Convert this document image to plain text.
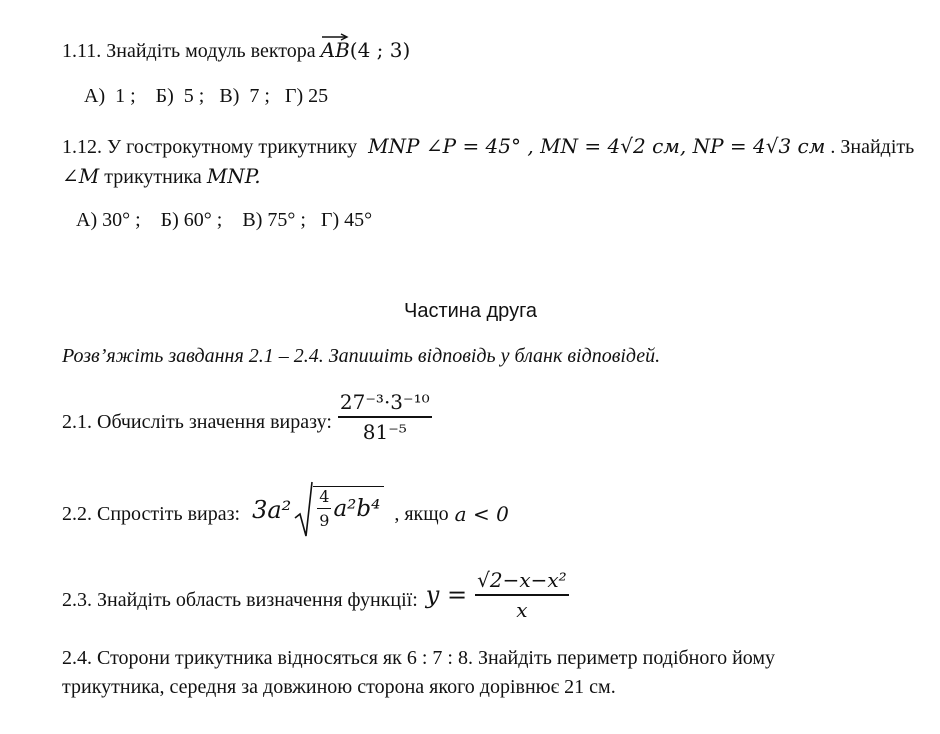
1.11. Знайдіть модуль вектора AB
(4 ; 3)
А)  1 ;    Б)  5 ;   В)  7 ;   Г) 25
1.12. У гострокутному трикутнику MNP ∠P = 45° , MN = 4√2 см, NP = 4√3 см . Знайдіть
∠M трикутника MNP.
А) 30° ;    Б) 60° ;    В) 75° ;   Г) 45°
Частина друга
Розв’яжіть завдання 2.1 – 2.4. Запишіть відповідь у бланк відповідей.
2.1. Обчисліть значення виразу: $\frac{\text{27⁻³·3⁻¹⁰}}{\text{81⁻⁵}}$
2.2. Спростіть вираз: $3a^2 \frac{4}{9} a^2b^4$ , якщо a < 0
2.3. Знайдіть область визначення функції: $y = \frac{\text{√2−x−x²}}{x}$
2.4. Сторони трикутника відносяться як 6 : 7 : 8. Знайдіть периметр подібного йому
трикутника, середня за довжиною сторона якого дорівнює 21 см.
